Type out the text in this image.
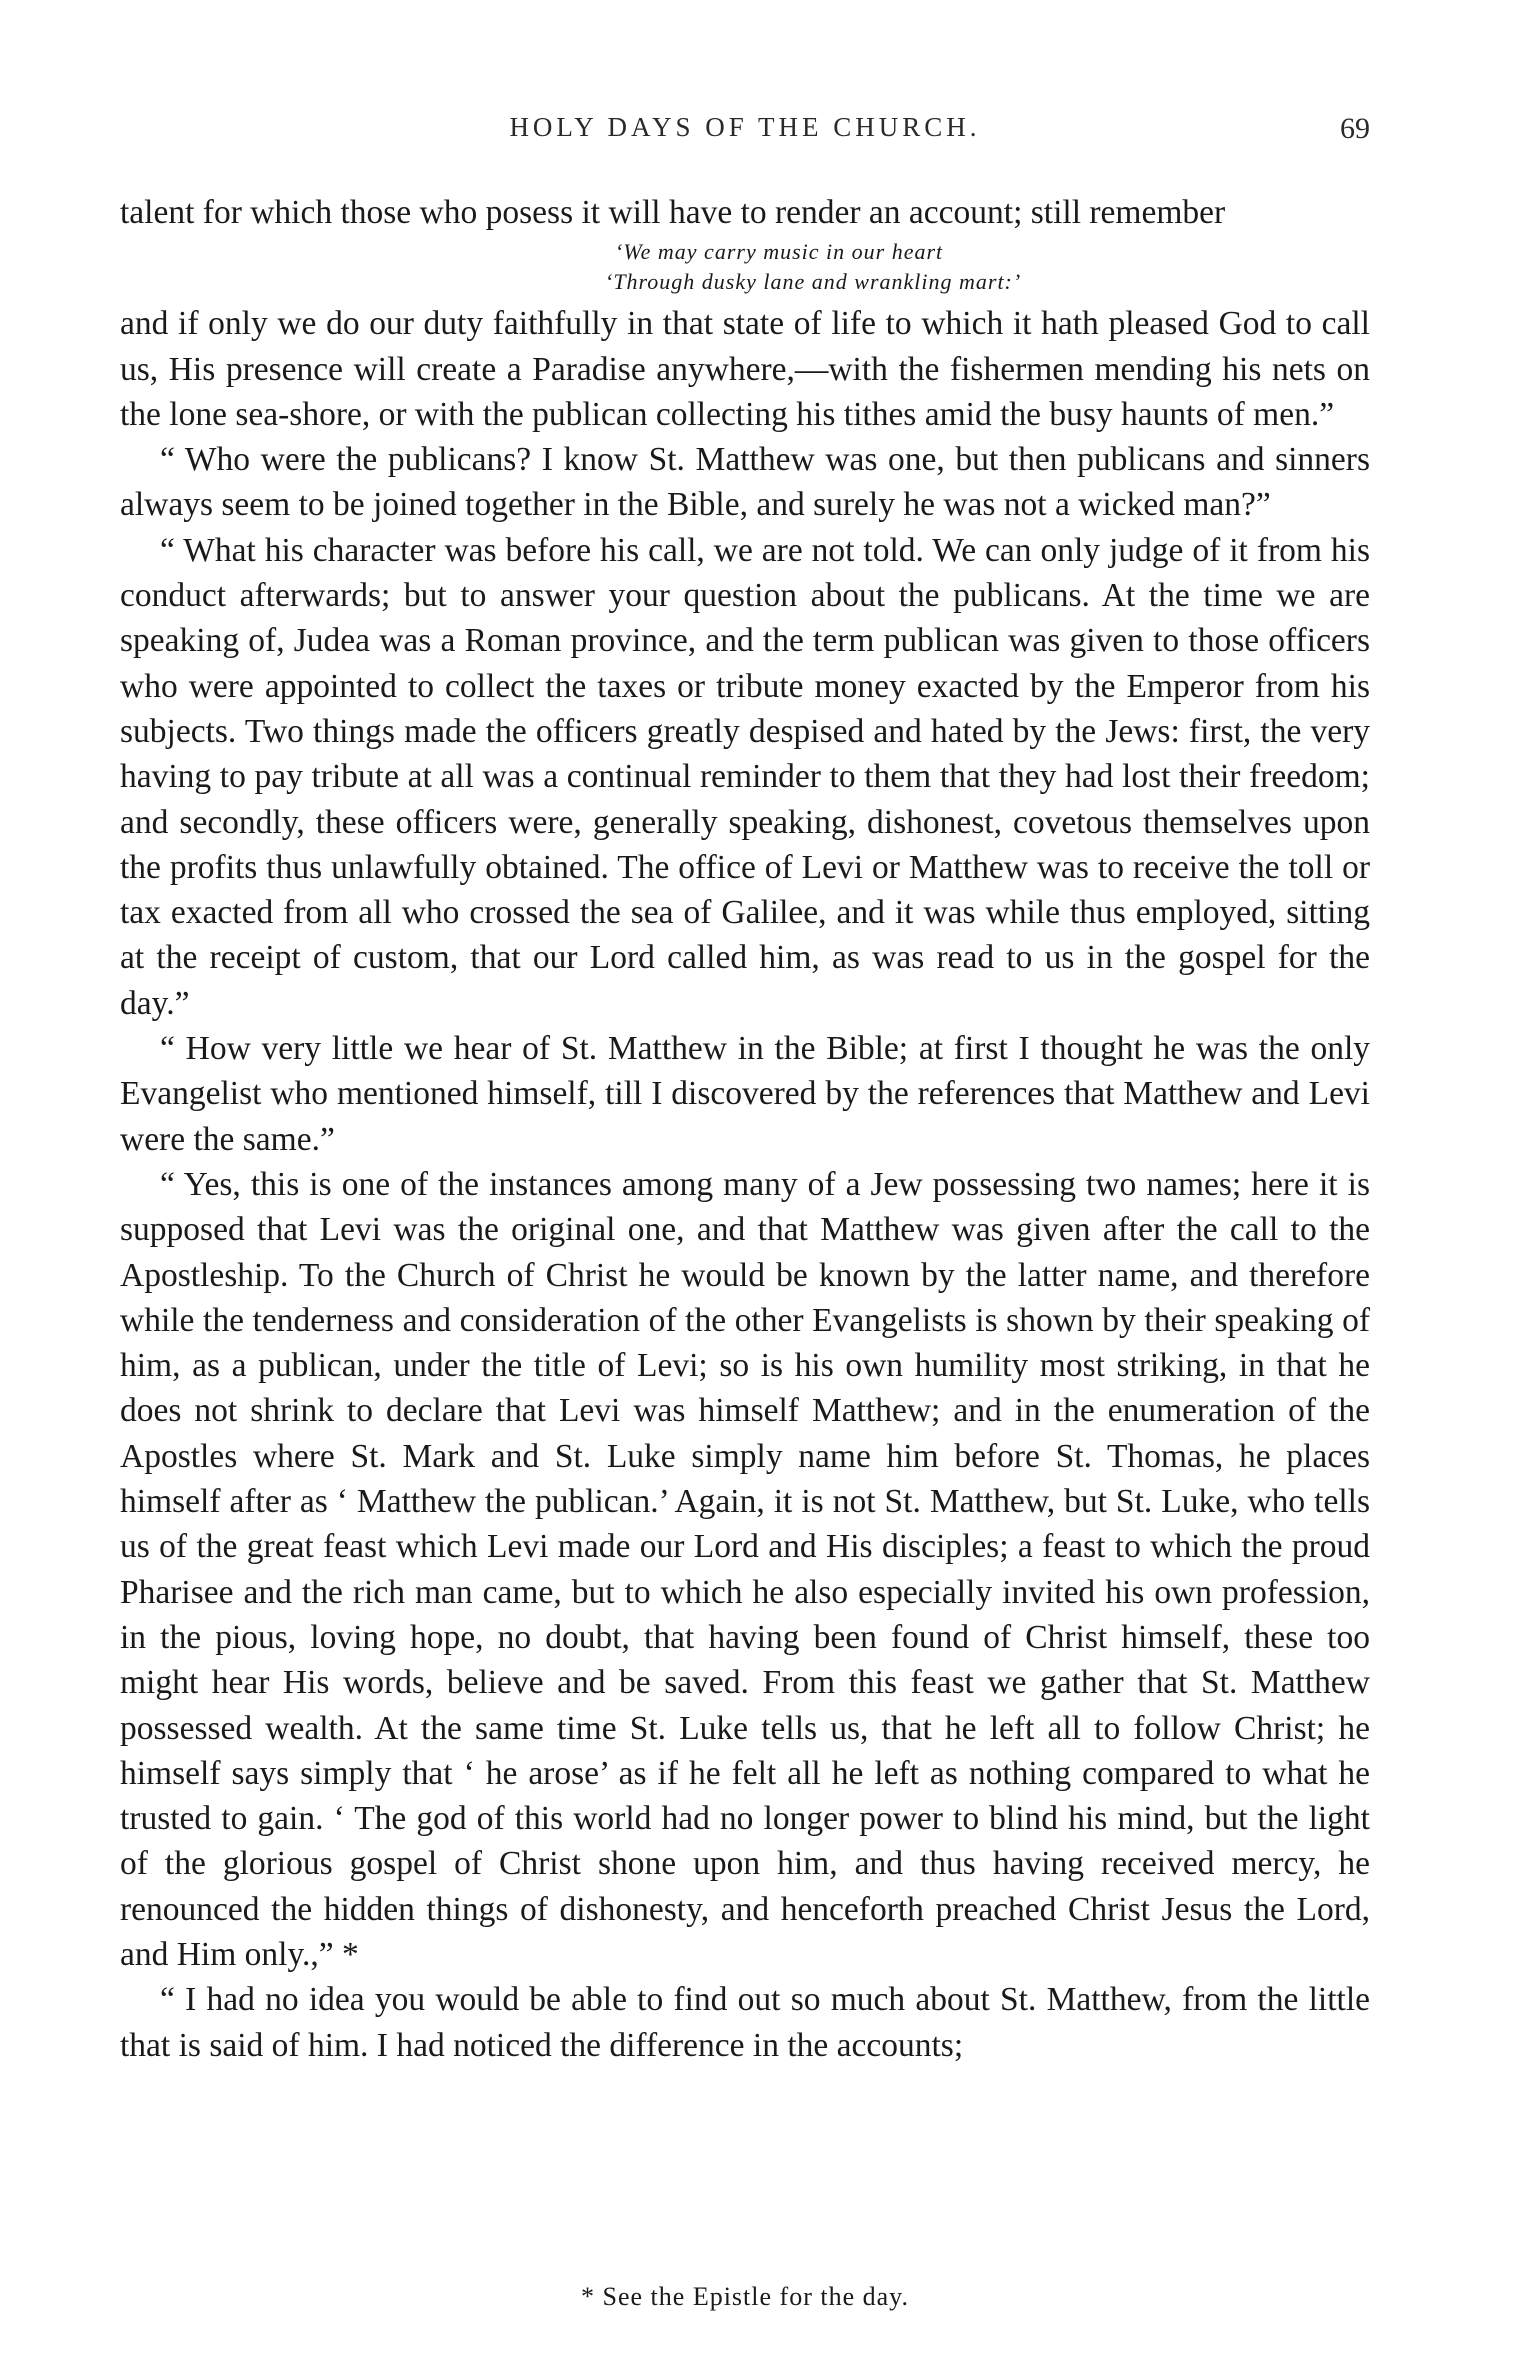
HOLY DAYS OF THE CHURCH.	69

talent for which those who posess it will have to render an account; still remember

‘We may carry music in our heart
‘Through dusky lane and wrankling mart:’

and if only we do our duty faithfully in that state of life to which it hath pleased God to call us, His presence will create a Paradise anywhere,—with the fishermen mending his nets on the lone sea-shore, or with the publican collecting his tithes amid the busy haunts of men.”

“ Who were the publicans? I know St. Matthew was one, but then publicans and sinners always seem to be joined together in the Bible, and surely he was not a wicked man?”

“ What his character was before his call, we are not told. We can only judge of it from his conduct afterwards; but to answer your question about the publicans. At the time we are speaking of, Judea was a Roman province, and the term publican was given to those officers who were appointed to collect the taxes or tribute money exacted by the Emperor from his subjects. Two things made the officers greatly despised and hated by the Jews: first, the very having to pay tribute at all was a continual reminder to them that they had lost their freedom; and secondly, these officers were, generally speaking, dishonest, covetous themselves upon the profits thus unlawfully obtained. The office of Levi or Matthew was to receive the toll or tax exacted from all who crossed the sea of Galilee, and it was while thus employed, sitting at the receipt of custom, that our Lord called him, as was read to us in the gospel for the day.”

“ How very little we hear of St. Matthew in the Bible; at first I thought he was the only Evangelist who mentioned himself, till I discovered by the references that Matthew and Levi were the same.”

“ Yes, this is one of the instances among many of a Jew possessing two names; here it is supposed that Levi was the original one, and that Matthew was given after the call to the Apostleship. To the Church of Christ he would be known by the latter name, and therefore while the tenderness and consideration of the other Evangelists is shown by their speaking of him, as a publican, under the title of Levi; so is his own humility most striking, in that he does not shrink to declare that Levi was himself Matthew; and in the enumeration of the Apostles where St. Mark and St. Luke simply name him before St. Thomas, he places himself after as ‘ Matthew the publican.’ Again, it is not St. Matthew, but St. Luke, who tells us of the great feast which Levi made our Lord and His disciples; a feast to which the proud Pharisee and the rich man came, but to which he also especially invited his own profession, in the pious, loving hope, no doubt, that having been found of Christ himself, these too might hear His words, believe and be saved. From this feast we gather that St. Matthew possessed wealth. At the same time St. Luke tells us, that he left all to follow Christ; he himself says simply that ‘ he arose’ as if he felt all he left as nothing compared to what he trusted to gain. ‘ The god of this world had no longer power to blind his mind, but the light of the glorious gospel of Christ shone upon him, and thus having received mercy, he renounced the hidden things of dishonesty, and henceforth preached Christ Jesus the Lord, and Him only.,” *

“ I had no idea you would be able to find out so much about St. Matthew, from the little that is said of him. I had noticed the difference in the accounts;

* See the Epistle for the day.
